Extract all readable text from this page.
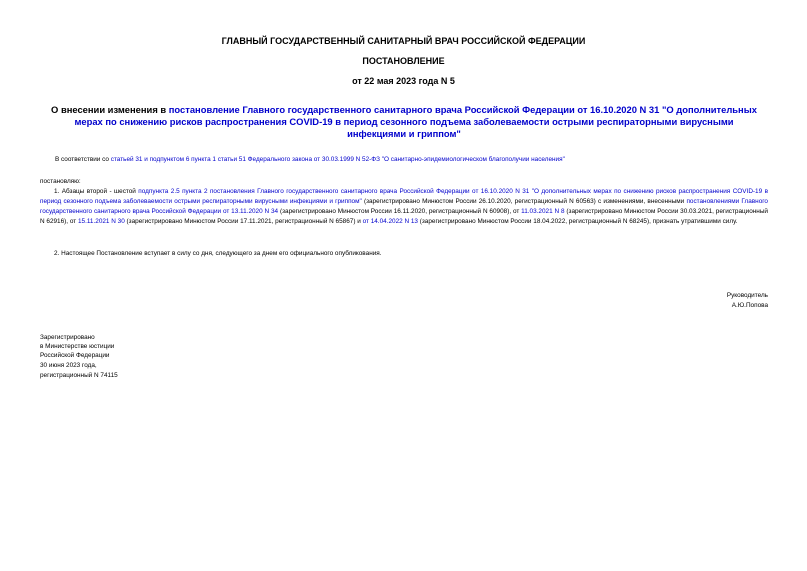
ГЛАВНЫЙ ГОСУДАРСТВЕННЫЙ САНИТАРНЫЙ ВРАЧ РОССИЙСКОЙ ФЕДЕРАЦИИ
ПОСТАНОВЛЕНИЕ
от 22 мая 2023 года N 5
О внесении изменения в постановление Главного государственного санитарного врача Российской Федерации от 16.10.2020 N 31 "О дополнительных мерах по снижению рисков распространения COVID-19 в период сезонного подъема заболеваемости острыми респираторными вирусными инфекциями и гриппом"
В соответствии со статьей 31 и подпунктом 6 пункта 1 статьи 51 Федерального закона от 30.03.1999 N 52-ФЗ "О санитарно-эпидемиологическом благополучии населения"
постановляю:
1. Абзацы второй - шестой подпункта 2.5 пункта 2 постановления Главного государственного санитарного врача Российской Федерации от 16.10.2020 N 31 "О дополнительных мерах по снижению рисков распространения COVID-19 в период сезонного подъема заболеваемости острыми респираторными вирусными инфекциями и гриппом" (зарегистрировано Минюстом России 26.10.2020, регистрационный N 60563) с изменениями, внесенными постановлениями Главного государственного санитарного врача Российской Федерации от 13.11.2020 N 34 (зарегистрировано Минюстом России 16.11.2020, регистрационный N 60908), от 11.03.2021 N 8 (зарегистрировано Минюстом России 30.03.2021, регистрационный N 62916), от 15.11.2021 N 30 (зарегистрировано Минюстом России 17.11.2021, регистрационный N 65867) и от 14.04.2022 N 13 (зарегистрировано Минюстом России 18.04.2022, регистрационный N 68245), признать утратившими силу.
2. Настоящее Постановление вступает в силу со дня, следующего за днем его официального опубликования.
Руководитель
А.Ю.Попова
Зарегистрировано
в Министерстве юстиции
Российской Федерации
30 июня 2023 года,
регистрационный N 74115
